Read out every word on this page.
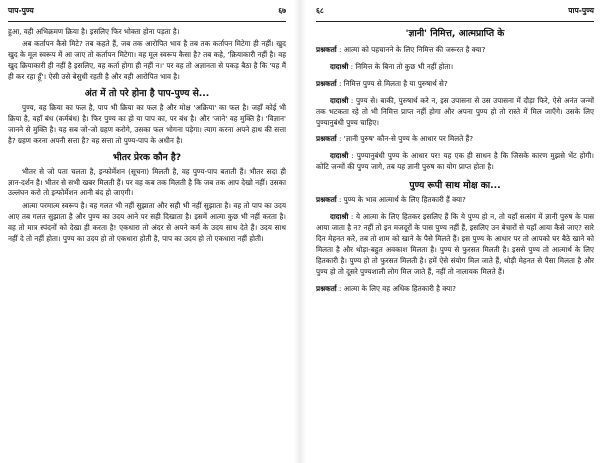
पाप-पुण्य	६७

हुआ, वही अभिक्रमण क्रिया है। इसलिए फिर भोक्ता होना पड़ता है।

अब कर्तापन कैसे मिटे? तब कहते हैं, जब तक आरोपित भाव है तब तक कर्तापन मिटेगा ही नहीं। खुद खुद के मूल स्वरूप में आ जाए तो कर्तापन मिटेगा। वह मूल स्वरूप कैसा है? तब कहे, 'क्रियाकारी नहीं है। वह खुद क्रियाकारी ही नहीं है इसलिए, वह कर्ता होगा ही नहीं न।' पर वह तो अज्ञानता से पकड़ बैठा है कि 'यह मैं ही कर रहा हूँ'। ऐसी उसे बेसुधी रहती है और वही आरोपित भाव है।

अंत में तो परे होना है पाप-पुण्य से...

पुण्य, वह क्रिया का फल है, पाप भी क्रिया का फल है और मोक्ष 'अक्रिया' का फल है। जहाँ कोई भी क्रिया है, वहाँ बंध (कर्मबंध) है। फिर पुण्य का हो या पाप का, पर बंध है। और 'जाने' वह मुक्ति है। 'विज्ञान' जानने से मुक्ति है। यह सब जो-जो ग्रहण करोगे, उसका फल भोगना पड़ेगा। त्याग करना अपने हाथ की सत्ता है? ग्रहण करना अपनी सत्ता है? वह सत्ता तो पुण्य-पाप के अधीन है।

भीतर प्रेरक कौन है?

भीतर से जो पता चलता है, इन्फोर्मेशन (सूचना) मिलती है, वह पुण्य-पाप बताती हैं। भीतर सदा ही ज्ञान-दर्शन है। भीतर से सभी खबर मिलती हैं। पर वह कब तक मिलती है कि जब तक आप देखो नहीं। उसका उल्लंघन करो तो इन्फोर्मेशन आनी बंद हो जाएगी।

आत्मा परमात्म स्वरूप है। वह गलत भी नहीं सुझाता और सही भी नहीं सुझाता है। वह तो पाप का उदय आए तब गलत सुझाता है और पुण्य का उदय आने पर सही दिखाता है। इसमें आत्मा कुछ भी नहीं करता है। वह तो मात्र स्पंदनों को देखा ही करता है! एकधारा तो अंदर से अपने कर्म के उदय साथ देते हैं। उदय साथ नहीं दे तो नहीं होता। पुण्य का उदय हो तो एकधारा होती है, पाप का उदय हो तो एकधारा नहीं होती।

६८	पाप-पुण्य
'ज्ञानी' निमित्त, आत्मप्राप्ति के

प्रश्नकर्ता : आत्मा को पहचानने के लिए निमित्त की जरूरत है क्या?

दादाश्री : निमित्त के बिना तो कुछ भी नहीं होता।

प्रश्नकर्ता : निमित्त पुण्य से मिलता है या पुरुषार्थ से?

दादाश्री : पुण्य से। बाकी, पुरुषार्थ करे न, इस उपासना से उस उपासना में दौड़ा फिरे, ऐसे अनंत जन्मों तक भटकता रहे तो भी निमित्त प्राप्त नहीं होगा और अपना पुण्य हो तो रास्ते में मिल जाएँगे। उसके लिए पुण्यानुबंधी पुण्य चाहिए।

प्रश्नकर्ता : 'ज्ञानी पुरुष' कौन-से पुण्य के आधार पर मिलते हैं?

दादाश्री : पुण्यानुबंधी पुण्य के आधार पर! यह एक ही साधन है कि जिसके कारण मुझसे भेंट होगी। कोटि जन्मों की पुण्य जागे, तब यह ज्ञानी पुरुष का योग प्राप्त होता है।

पुण्य रूपी साथ मोक्ष का...

प्रश्नकर्ता : पुण्य के भाव आत्मार्थ के लिए हितकारी हैं क्या?

दादाश्री : ये आत्मा के लिए हितकर इसलिए हैं कि ये पुण्य हो न, तो यहाँ सत्संग में ज्ञानी पुरुष के पास आया जाता है न? नहीं तो इन मजदूरों के पास पुण्य नहीं हैं, इसलिए उन बेचारों से यहाँ आया कैसे जाए? सारे दिन मेहनत करे, तब तो शाम को खाने के पैसे मिलते हैं। इस पुण्य के आधार पर तो आपको घर बैठे खाने को मिलता है और थोड़ा-बहुत अवकाश मिलता है। पुण्य से फुरसत मिलती है। इससे पुण्य तो आत्मार्थ के लिए हितकारी है। पुण्य हो तो फुरसत मिलती है। हमें ऐसे संयोग मिल जाते हैं, थोड़ी मेहनत से पैसा मिलता है और पुण्य हो तो दूसरे पुण्यशाली लोग मिल जाते हैं, नहीं तो नालायक मिलते हैं।

प्रश्नकर्ता : आत्मा के लिए वह अधिक हितकारी है क्या?
